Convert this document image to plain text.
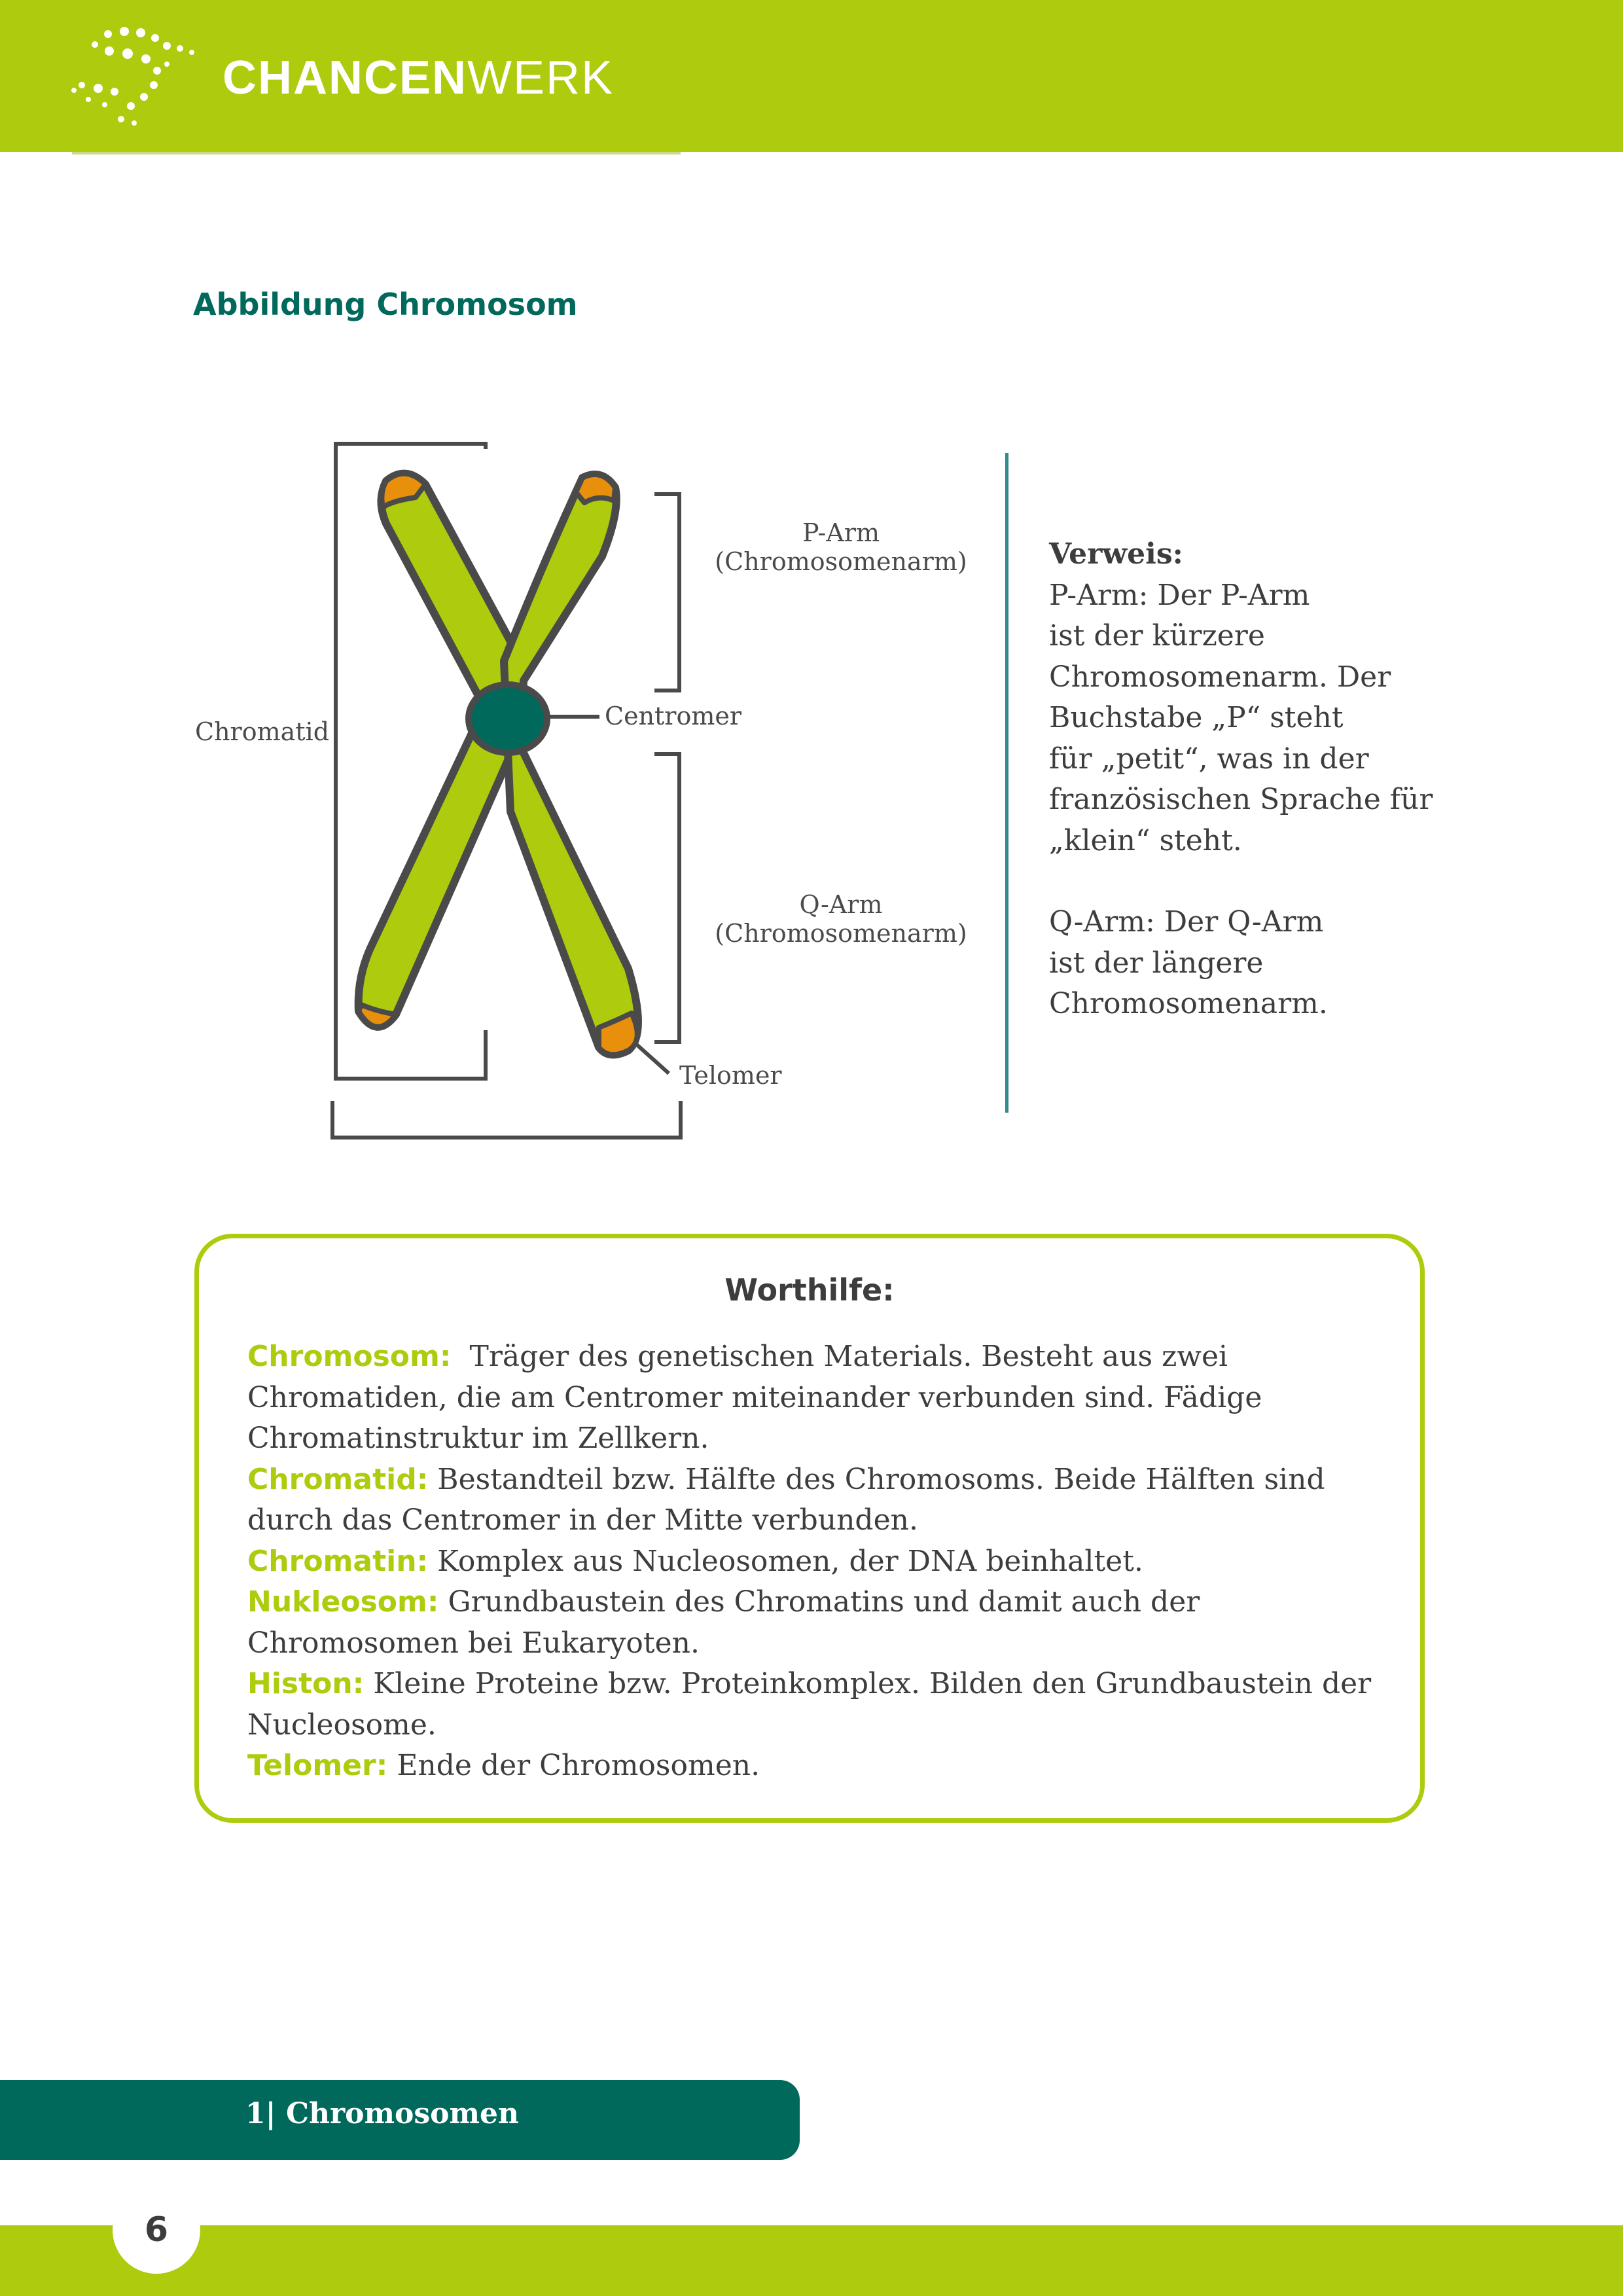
CHANCENWERK
Abbildung Chromosom
Chromatid
P-Arm
(Chromosomenarm)
Centromer
Q-Arm
(Chromosomenarm)
Telomer

Verweis:

P-Arm: Der P-Arm

ist der kürzere

Chromosomenarm. Der

Buchstabe „P“ steht

für „petit“, was in der

französischen Sprache für

„klein“ steht.

Q-Arm: Der Q-Arm

ist der längere

Chromosomenarm.

Worthilfe:

Chromosom: Träger des genetischen Materials. Besteht aus zwei

Chromatiden, die am Centromer miteinander verbunden sind. Fädige

Chromatinstruktur im Zellkern.

Chromatid: Bestandteil bzw. Hälfte des Chromosoms. Beide Hälften sind

durch das Centromer in der Mitte verbunden.

Chromatin: Komplex aus Nucleosomen, der DNA beinhaltet.

Nukleosom: Grundbaustein des Chromatins und damit auch der

Chromosomen bei Eukaryoten.

Histon: Kleine Proteine bzw. Proteinkomplex. Bilden den Grundbaustein der

Nucleosome.

Telomer: Ende der Chromosomen.

1| Chromosomen
6
